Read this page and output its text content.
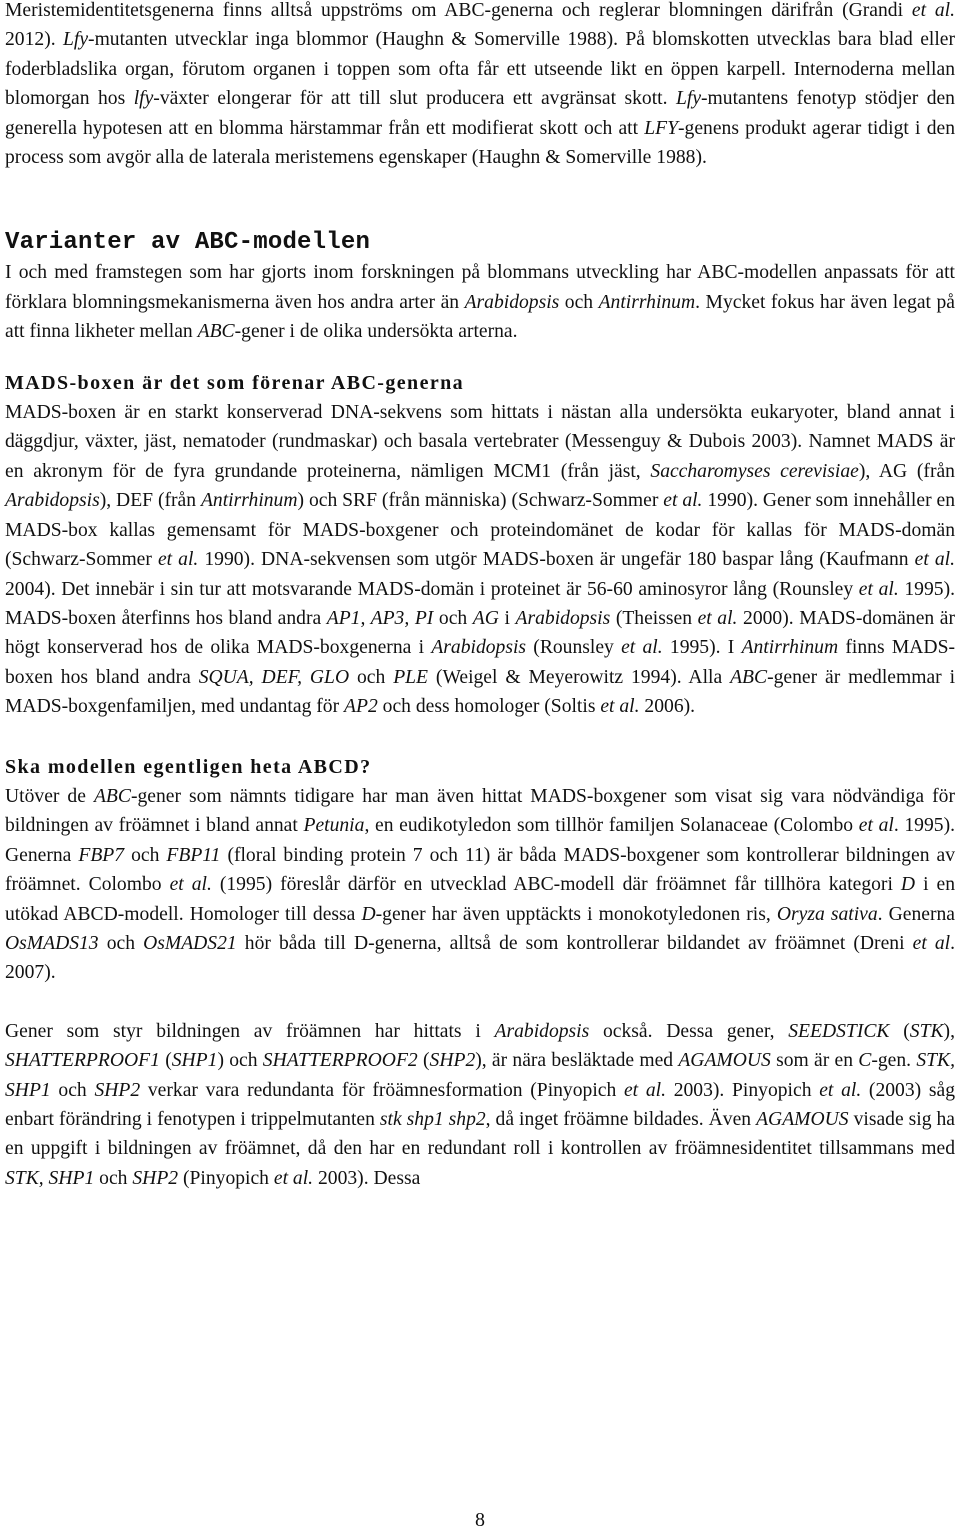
Meristemidentitetsgenerna finns alltså uppströms om ABC-generna och reglerar blomningen därifrån (Grandi et al. 2012). Lfy-mutanten utvecklar inga blommor (Haughn & Somerville 1988). På blomskotten utvecklas bara blad eller foderbladslika organ, förutom organen i toppen som ofta får ett utseende likt en öppen karpell. Internoderna mellan blomorgan hos lfy-växter elongerar för att till slut producera ett avgränsat skott. Lfy-mutantens fenotyp stödjer den generella hypotesen att en blomma härstammar från ett modifierat skott och att LFY-genens produkt agerar tidigt i den process som avgör alla de laterala meristemens egenskaper (Haughn & Somerville 1988).

Varianter av ABC-modellen

I och med framstegen som har gjorts inom forskningen på blommans utveckling har ABC-modellen anpassats för att förklara blomningsmekanismerna även hos andra arter än Arabidopsis och Antirrhinum. Mycket fokus har även legat på att finna likheter mellan ABC-gener i de olika undersökta arterna.

MADS-boxen är det som förenar ABC-generna

MADS-boxen är en starkt konserverad DNA-sekvens som hittats i nästan alla undersökta eukaryoter, bland annat i däggdjur, växter, jäst, nematoder (rundmaskar) och basala vertebrater (Messenguy & Dubois 2003). Namnet MADS är en akronym för de fyra grundande proteinerna, nämligen MCM1 (från jäst, Saccharomyses cerevisiae), AG (från Arabidopsis), DEF (från Antirrhinum) och SRF (från människa) (Schwarz-Sommer et al. 1990). Gener som innehåller en MADS-box kallas gemensamt för MADS-boxgener och proteindomänet de kodar för kallas för MADS-domän (Schwarz-Sommer et al. 1990). DNA-sekvensen som utgör MADS-boxen är ungefär 180 baspar lång (Kaufmann et al. 2004). Det innebär i sin tur att motsvarande MADS-domän i proteinet är 56-60 aminosyror lång (Rounsley et al. 1995). MADS-boxen återfinns hos bland andra AP1, AP3, PI och AG i Arabidopsis (Theissen et al. 2000). MADS-domänen är högt konserverad hos de olika MADS-boxgenerna i Arabidopsis (Rounsley et al. 1995). I Antirrhinum finns MADS-boxen hos bland andra SQUA, DEF, GLO och PLE (Weigel & Meyerowitz 1994). Alla ABC-gener är medlemmar i MADS-boxgenfamiljen, med undantag för AP2 och dess homologer (Soltis et al. 2006).

Ska modellen egentligen heta ABCD?

Utöver de ABC-gener som nämnts tidigare har man även hittat MADS-boxgener som visat sig vara nödvändiga för bildningen av fröämnet i bland annat Petunia, en eudikotyledon som tillhör familjen Solanaceae (Colombo et al. 1995). Generna FBP7 och FBP11 (floral binding protein 7 och 11) är båda MADS-boxgener som kontrollerar bildningen av fröämnet. Colombo et al. (1995) föreslår därför en utvecklad ABC-modell där fröämnet får tillhöra kategori D i en utökad ABCD-modell. Homologer till dessa D-gener har även upptäckts i monokotyledonen ris, Oryza sativa. Generna OsMADS13 och OsMADS21 hör båda till D-generna, alltså de som kontrollerar bildandet av fröämnet (Dreni et al. 2007).

Gener som styr bildningen av fröämnen har hittats i Arabidopsis också. Dessa gener, SEEDSTICK (STK), SHATTERPROOF1 (SHP1) och SHATTERPROOF2 (SHP2), är nära besläktade med AGAMOUS som är en C-gen. STK, SHP1 och SHP2 verkar vara redundanta för fröämnesformation (Pinyopich et al. 2003). Pinyopich et al. (2003) såg enbart förändring i fenotypen i trippelmutanten stk shp1 shp2, då inget fröämne bildades. Även AGAMOUS visade sig ha en uppgift i bildningen av fröämnet, då den har en redundant roll i kontrollen av fröämnesidentitet tillsammans med STK, SHP1 och SHP2 (Pinyopich et al. 2003). Dessa

8
